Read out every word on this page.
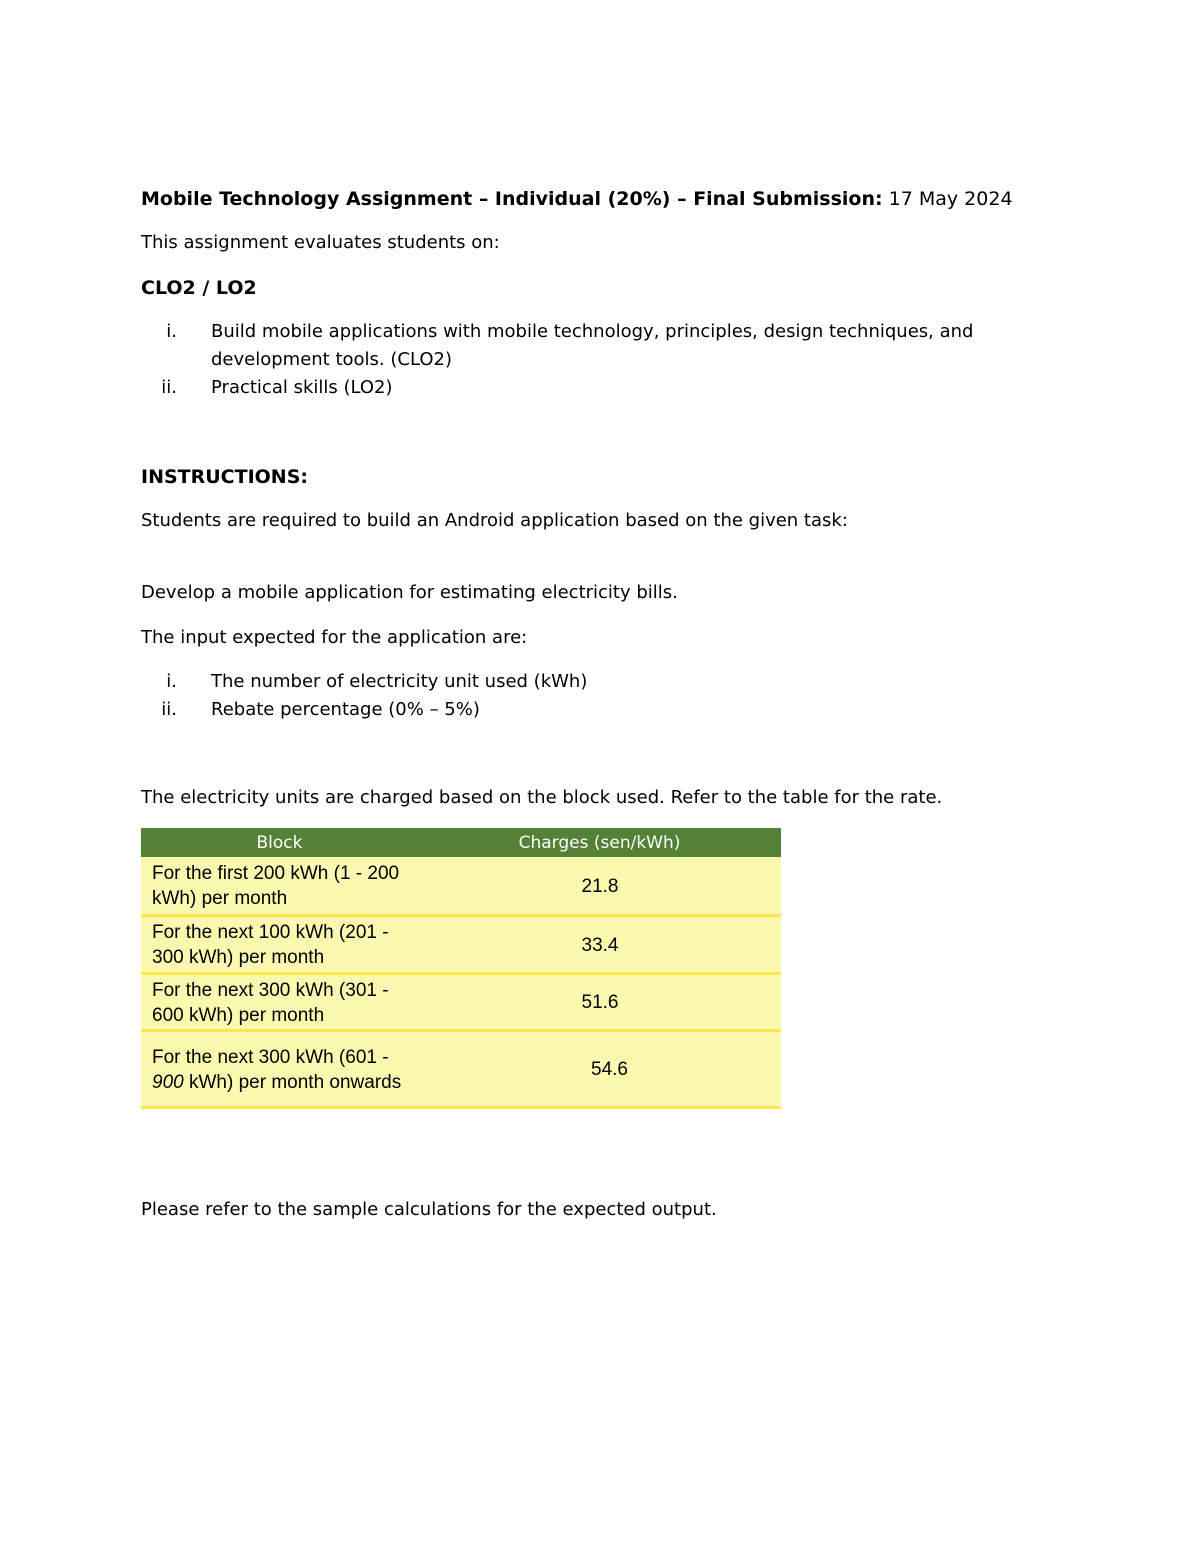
Mobile Technology Assignment – Individual (20%) – Final Submission: 17 May 2024
This assignment evaluates students on:
CLO2 / LO2
i. Build mobile applications with mobile technology, principles, design techniques, and development tools. (CLO2)
ii. Practical skills (LO2)
INSTRUCTIONS:
Students are required to build an Android application based on the given task:
Develop a mobile application for estimating electricity bills.
The input expected for the application are:
i. The number of electricity unit used (kWh)
ii. Rebate percentage (0% – 5%)
The electricity units are charged based on the block used. Refer to the table for the rate.
Block	Charges (sen/kWh)
For the first 200 kWh (1 - 200 kWh) per month	21.8
For the next 100 kWh (201 - 300 kWh) per month	33.4
For the next 300 kWh (301 - 600 kWh) per month	51.6
For the next 300 kWh (601 - 900 kWh) per month onwards	54.6
Please refer to the sample calculations for the expected output.
